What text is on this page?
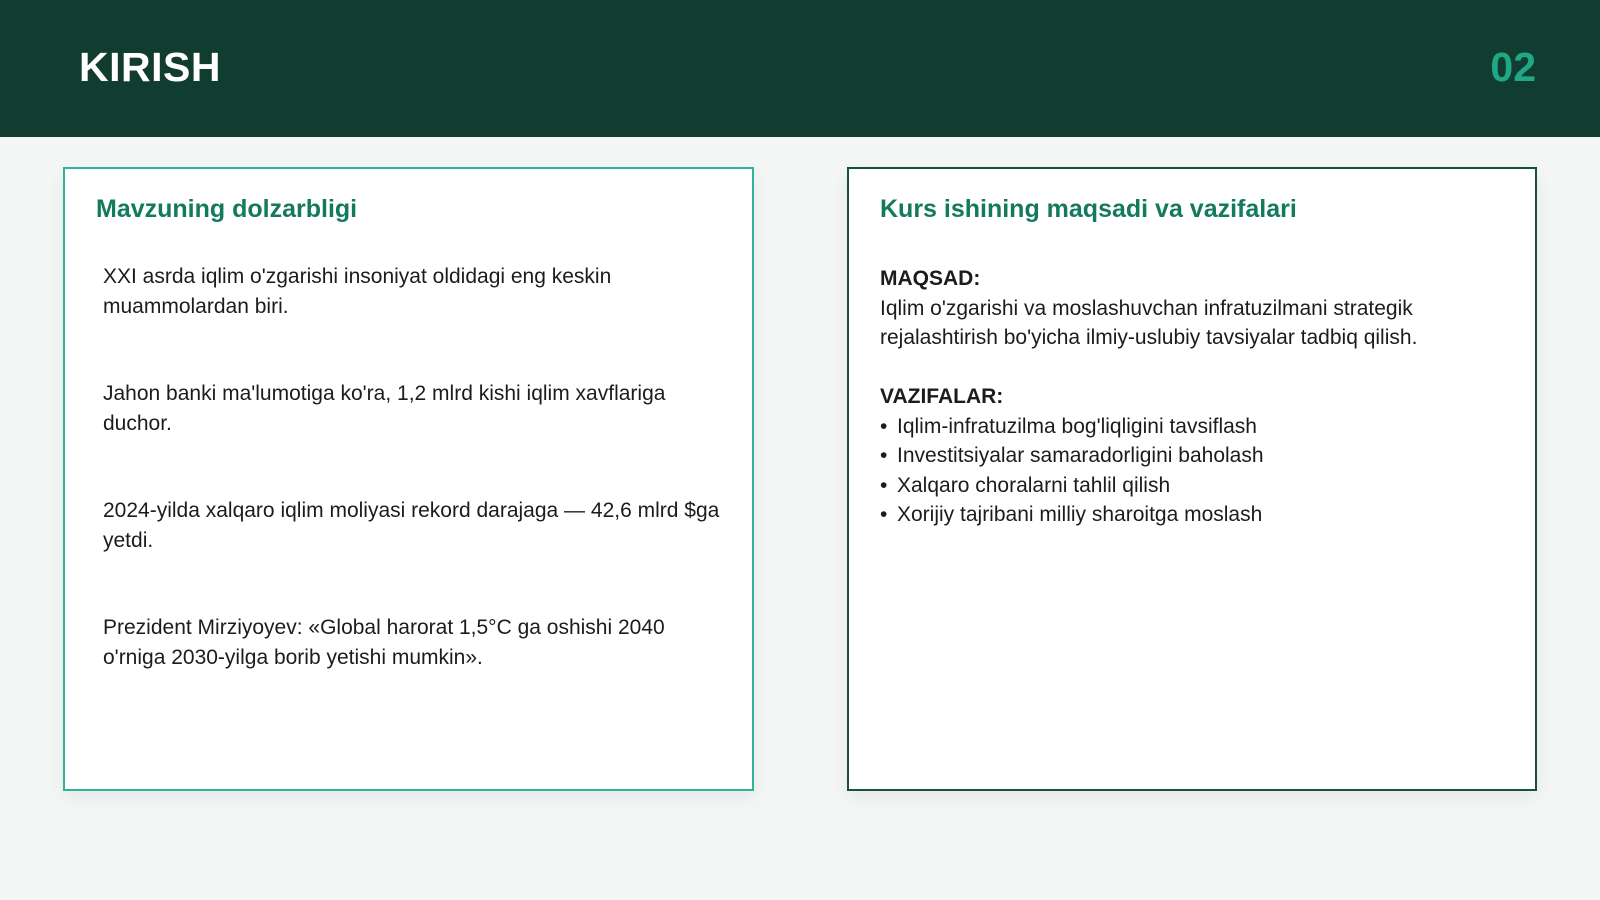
KIRISH	02
Mavzuning dolzarbligi
XXI asrda iqlim o'zgarishi insoniyat oldidagi eng keskin muammolardan biri.
Jahon banki ma'lumotiga ko'ra, 1,2 mlrd kishi iqlim xavflariga duchor.
2024-yilda xalqaro iqlim moliyasi rekord darajaga — 42,6 mlrd $ga yetdi.
Prezident Mirziyoyev: «Global harorat 1,5°C ga oshishi 2040 o'rniga 2030-yilga borib yetishi mumkin».
Kurs ishining maqsadi va vazifalari
MAQSAD:
Iqlim o'zgarishi va moslashuvchan infratuzilmani strategik rejalashtirish bo'yicha ilmiy-uslubiy tavsiyalar tadbiq qilish.
VAZIFALAR:
• Iqlim-infratuzilma bog'liqligini tavsiflash
• Investitsiyalar samaradorligini baholash
• Xalqaro choralarni tahlil qilish
• Xorijiy tajribani milliy sharoitga moslash
